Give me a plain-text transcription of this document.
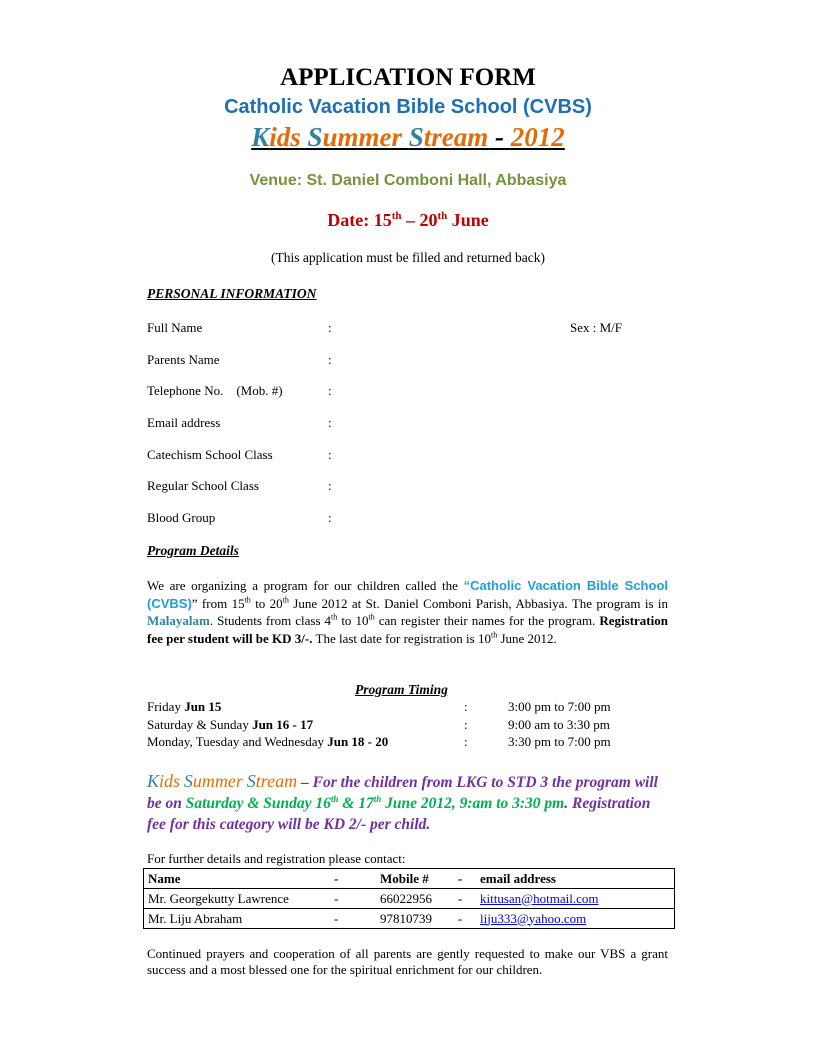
APPLICATION FORM
Catholic Vacation Bible School (CVBS)
Kids Summer Stream - 2012
Venue: St. Daniel Comboni Hall, Abbasiya
Date: 15th – 20th June
(This application must be filled and returned back)
PERSONAL INFORMATION
Full Name	:	Sex : M/F
Parents Name	:
Telephone No.    (Mob. #)	:
Email address	:
Catechism School Class	:
Regular School Class	:
Blood Group	:
Program Details
We are organizing a program for our children called the “Catholic Vacation Bible School (CVBS)” from 15th to 20th June 2012 at St. Daniel Comboni Parish, Abbasiya. The program is in Malayalam. Students from class 4th to 10th can register their names for the program. Registration fee per student will be KD 3/-. The last date for registration is 10th June 2012.
Program Timing
Friday Jun 15	:	3:00 pm to 7:00 pm
Saturday & Sunday Jun 16 - 17	:	9:00 am to 3:30 pm
Monday, Tuesday and Wednesday Jun 18 - 20	:	3:30 pm to 7:00 pm
Kids Summer Stream – For the children from LKG to STD 3 the program will be on Saturday & Sunday 16th & 17th June 2012, 9:am to 3:30 pm. Registration fee for this category will be KD 2/- per child.
For further details and registration please contact:
Name	-	Mobile #	-	email address
Mr. Georgekutty Lawrence	-	66022956	-	kittusan@hotmail.com
Mr. Liju Abraham	-	97810739	-	liju333@yahoo.com
Continued prayers and cooperation of all parents are gently requested to make our VBS a grant success and a most blessed one for the spiritual enrichment for our children.
